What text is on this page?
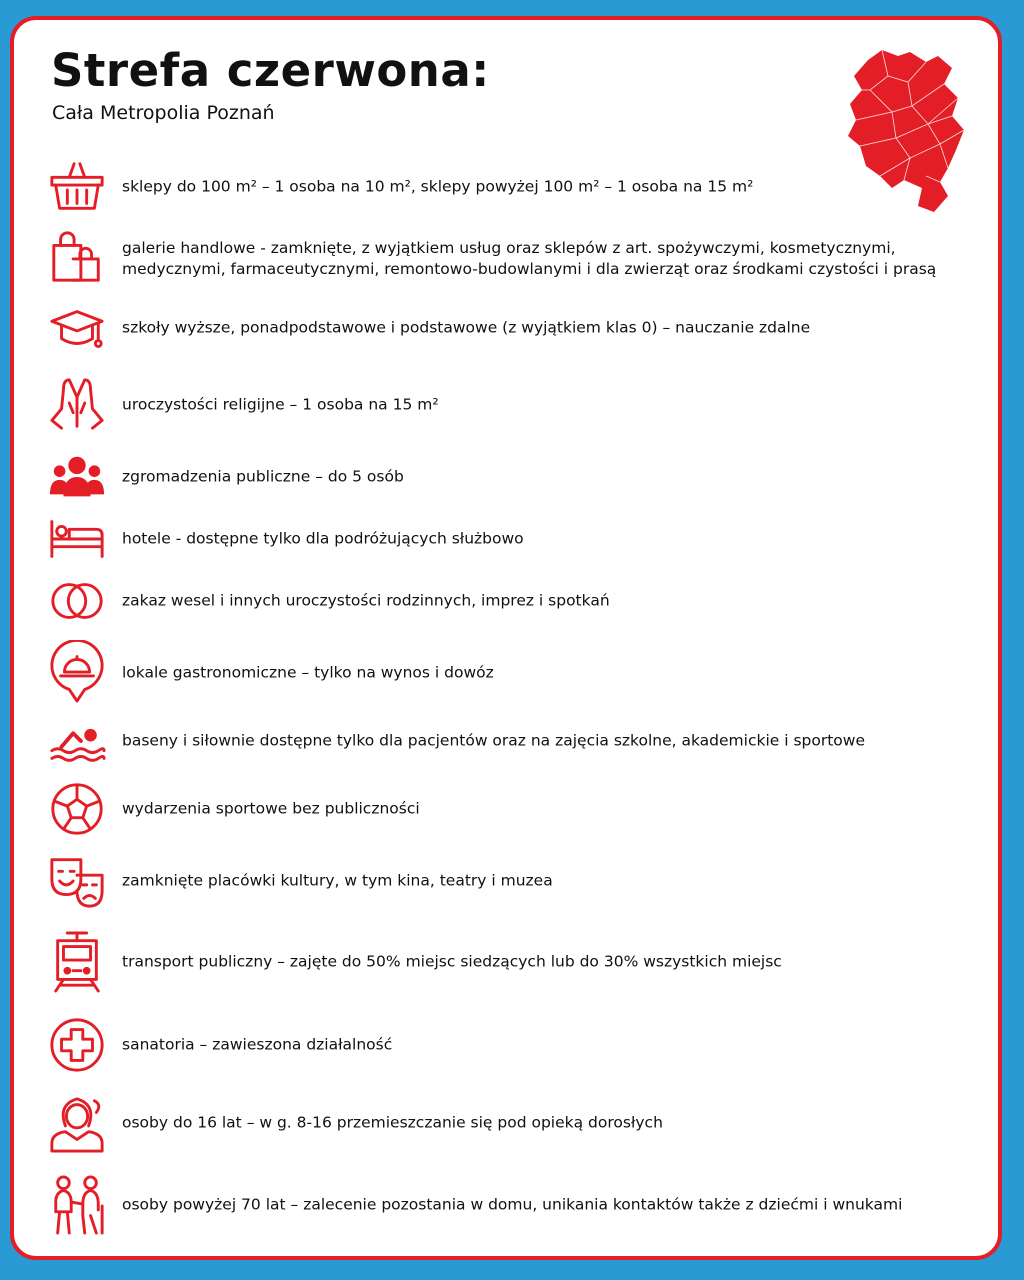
Strefa czerwona:

Cała Metropolia Poznań

sklepy do 100 m² – 1 osoba na 10 m², sklepy powyżej 100 m² – 1 osoba na 15 m²

galerie handlowe - zamknięte, z wyjątkiem usług oraz sklepów z art. spożywczymi, kosmetycznymi, medycznymi, farmaceutycznymi, remontowo-budowlanymi i dla zwierząt oraz środkami czystości i prasą

szkoły wyższe, ponadpodstawowe i podstawowe (z wyjątkiem klas 0) – nauczanie zdalne

uroczystości religijne – 1 osoba na 15 m²

zgromadzenia publiczne – do 5 osób

hotele - dostępne tylko dla podróżujących służbowo

zakaz wesel i innych uroczystości rodzinnych, imprez i spotkań

lokale gastronomiczne – tylko na wynos i dowóz

baseny i siłownie dostępne tylko dla pacjentów oraz na zajęcia szkolne, akademickie i sportowe

wydarzenia sportowe bez publiczności

zamknięte placówki kultury, w tym kina, teatry i muzea

transport publiczny – zajęte do 50% miejsc siedzących lub do 30% wszystkich miejsc

sanatoria – zawieszona działalność

osoby do 16 lat – w g. 8-16 przemieszczanie się pod opieką dorosłych

osoby powyżej 70 lat – zalecenie pozostania w domu, unikania kontaktów także z dziećmi i wnukami
